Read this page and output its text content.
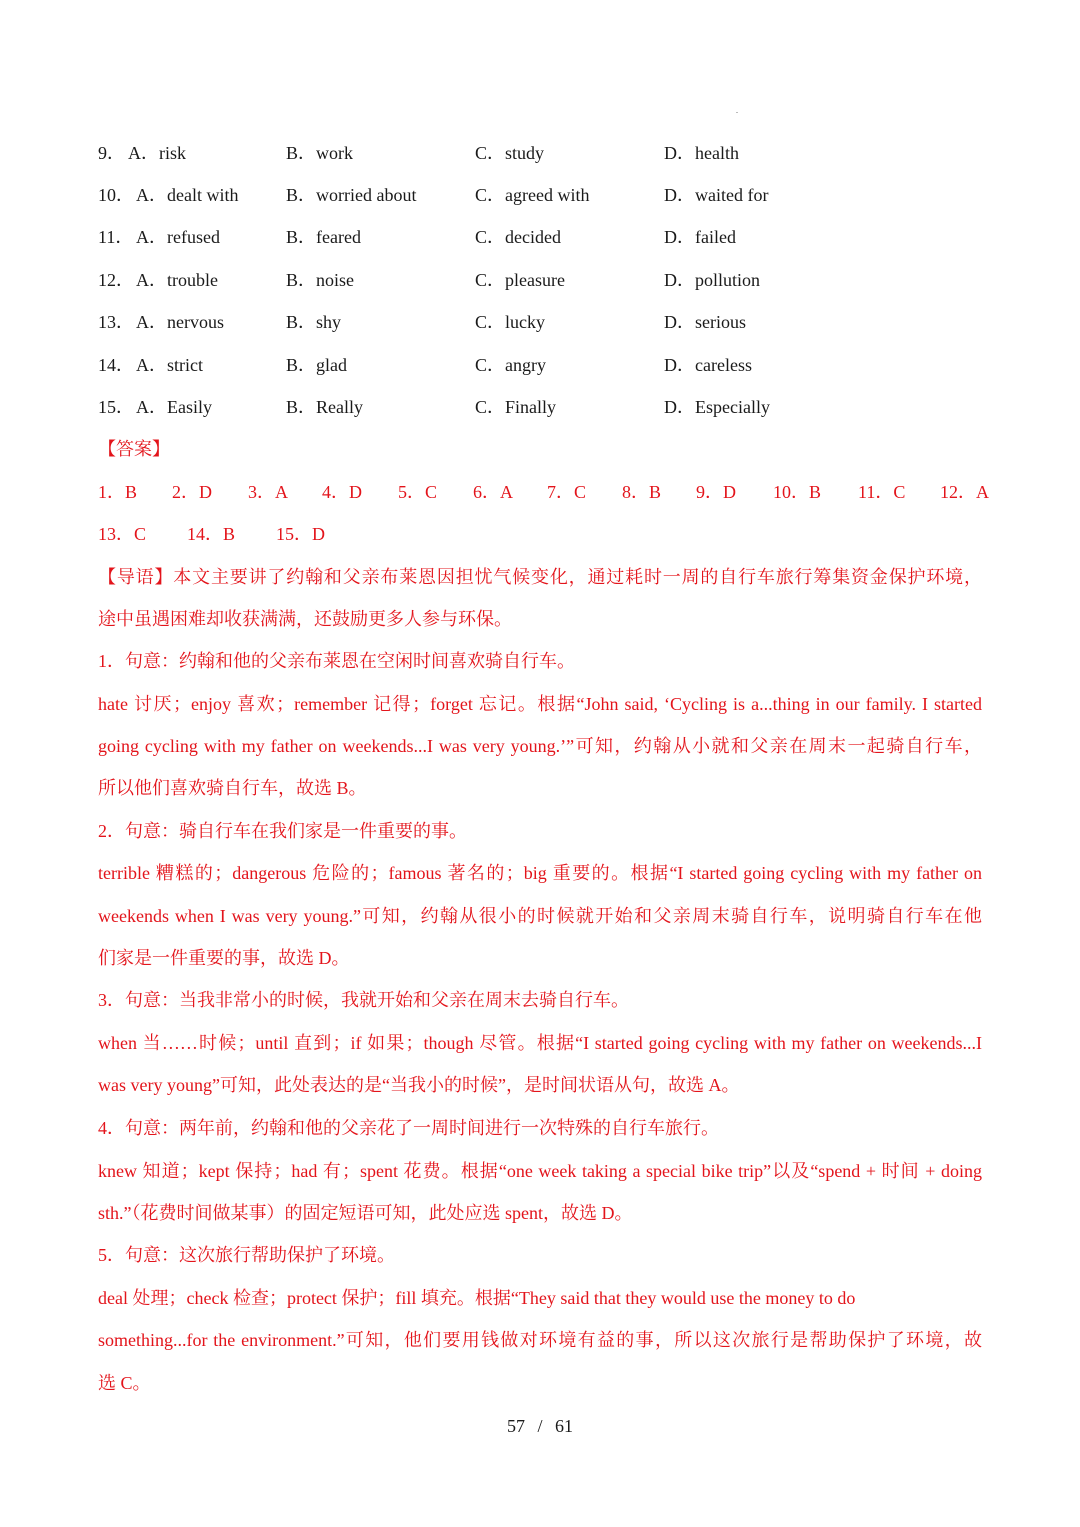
9． A．risk	B．work	C．study	D．health
10． A．dealt with	B．worried about	C．agreed with	D．waited for
11． A．refused	B．feared	C．decided	D．failed
12． A．trouble	B．noise	C．pleasure	D．pollution
13． A．nervous	B．shy	C．lucky	D．serious
14． A．strict	B．glad	C．angry	D．careless
15． A．Easily	B．Really	C．Finally	D．Especially
【答案】
1．B 2．D 3．A 4．D 5．C 6．A 7．C 8．B 9．D 10．B 11．C 12．A
13．C 14．B 15．D
【导语】本文主要讲了约翰和父亲布莱恩因担忧气候变化，通过耗时一周的自行车旅行筹集资金保护环境，
途中虽遇困难却收获满满，还鼓励更多人参与环保。
1．句意：约翰和他的父亲布莱恩在空闲时间喜欢骑自行车。
hate 讨厌；enjoy 喜欢；remember 记得；forget 忘记。根据“John said, ‘Cycling is a...thing in our family. I started
going cycling with my father on weekends...I was very young.’”可知，约翰从小就和父亲在周末一起骑自行车，
所以他们喜欢骑自行车，故选 B。
2．句意：骑自行车在我们家是一件重要的事。
terrible 糟糕的；dangerous 危险的；famous 著名的；big 重要的。根据“I started going cycling with my father on
weekends when I was very young.”可知，约翰从很小的时候就开始和父亲周末骑自行车，说明骑自行车在他
们家是一件重要的事，故选 D。
3．句意：当我非常小的时候，我就开始和父亲在周末去骑自行车。
when 当……时候；until 直到；if 如果；though 尽管。根据“I started going cycling with my father on weekends...I
was very young”可知，此处表达的是“当我小的时候”，是时间状语从句，故选 A。
4．句意：两年前，约翰和他的父亲花了一周时间进行一次特殊的自行车旅行。
knew 知道；kept 保持；had 有；spent 花费。根据“one week taking a special bike trip”以及“spend + 时间 + doing
sth.”（花费时间做某事）的固定短语可知，此处应选 spent，故选 D。
5．句意：这次旅行帮助保护了环境。
deal 处理；check 检查；protect 保护；fill 填充。根据“They said that they would use the money to do
something...for the environment.”可知，他们要用钱做对环境有益的事，所以这次旅行是帮助保护了环境，故
选 C。
57 / 61
